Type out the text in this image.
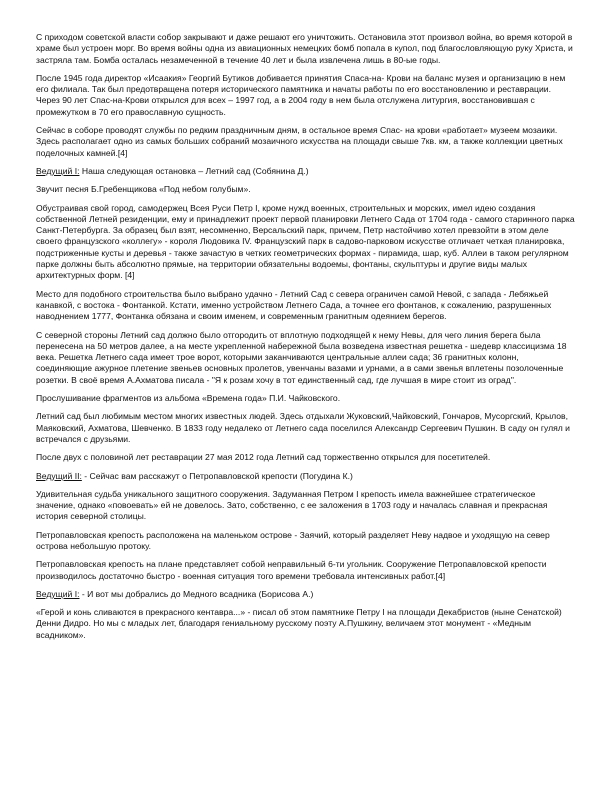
С приходом советской власти собор закрывают и даже решают его уничтожить. Остановила этот произвол война, во время которой в храме был устроен морг. Во время войны одна из авиационных немецких бомб попала в купол, под благословляющую руку Христа, и застряла там. Бомба осталась незамеченной в течение 40 лет и была извлечена лишь в 80-ые годы.

После 1945 года директор «Исаакия» Георгий Бутиков добивается принятия Спаса-на- Крови на баланс музея и организацию в нем его филиала. Так был предотвращена потеря исторического памятника и начаты работы по его восстановлению и реставрации. Через 90 лет Спас-на-Крови открылся для всех – 1997 год, а в 2004 году в нем была отслужена литургия, восстановившая с промежутком в 70 его православную сущность.

Сейчас в соборе проводят службы по редким праздничным дням, в остальное время Спас- на крови «работает» музеем мозаики. Здесь располагает одно из самых больших собраний мозаичного искусства на площади свыше 7кв. км, а также коллекции цветных поделочных камней.[4]

Ведущий I: Наша следующая остановка – Летний сад (Собянина Д.)

Звучит песня Б.Гребенщикова «Под небом голубым».

Обустраивая свой город, самодержец Всея Руси Петр I, кроме нужд военных, строительных и морских, имел идею создания собственной Летней резиденции, ему и принадлежит проект первой планировки Летнего Сада от 1704 года - самого старинного парка Санкт-Петербурга. За образец был взят, несомненно, Версальский парк, причем, Петр настойчиво хотел превзойти в этом деле своего французского «коллегу» - короля Людовика IV. Французский парк в садово-парковом искусстве отличает четкая планировка, подстриженные кусты и деревья - также зачастую в четких геометрических формах - пирамида, шар, куб. Аллеи в таком регулярном парке должны быть абсолютно прямые, на территории обязательны водоемы, фонтаны, скульптуры и другие виды малых архитектурных форм. [4]

Место для подобного строительства было выбрано удачно - Летний Сад с севера ограничен самой Невой, с запада - Лебяжьей канавкой, с востока - Фонтанкой. Кстати, именно устройством Летнего Сада, а точнее его фонтанов, к сожалению, разрушенных наводнением 1777, Фонтанка обязана и своим именем, и современным гранитным одеянием берегов.

С северной стороны Летний сад должно было отгородить от вплотную подходящей к нему Невы, для чего линия берега была перенесена на 50 метров далее, а на месте укрепленной набережной была возведена известная решетка - шедевр классицизма 18 века. Решетка Летнего сада имеет трое ворот, которыми заканчиваются центральные аллеи сада; 36 гранитных колонн, соединяющие ажурное плетение звеньев основных пролетов, увенчаны вазами и урнами, а в сами звенья вплетены позолоченные розетки. В своё время А.Ахматова писала - "Я к розам хочу в тот единственный сад, где лучшая в мире стоит из оград".

Прослушивание фрагментов из альбома «Времена года» П.И. Чайковского.

Летний сад был любимым местом многих известных людей. Здесь отдыхали Жуковский,Чайковский, Гончаров, Мусоргский, Крылов, Маяковский, Ахматова, Шевченко. В 1833 году недалеко от Летнего сада поселился Александр Сергеевич Пушкин. В саду он гулял и встречался с друзьями.

После двух с половиной лет реставрации 27 мая 2012 года Летний сад торжественно открылся для посетителей.

Ведущий II: - Сейчас вам расскажут о Петропавловской крепости (Погудина К.)

Удивительная судьба уникального защитного сооружения. Задуманная Петром I крепость имела важнейшее стратегическое значение, однако «повоевать» ей не довелось. Зато, собственно, с ее заложения в 1703 году и началась славная и прекрасная история северной столицы.

Петропавловская крепость расположена на маленьком острове - Заячий, который разделяет Неву надвое и уходящую на север острова небольшую протоку.

Петропавловская крепость на плане представляет собой неправильный 6-ти угольник. Сооружение Петропавловской крепости производилось достаточно быстро - военная ситуация того времени требовала интенсивных работ.[4]

Ведущий I: - И вот мы добрались до Медного всадника (Борисова А.)

«Герой и конь сливаются в прекрасного кентавра...» - писал об этом памятнике Петру I на площади Декабристов (ныне Сенатской) Денни Дидро. Но мы с младых лет, благодаря гениальному русскому поэту А.Пушкину, величаем этот монумент - «Медным всадником».
